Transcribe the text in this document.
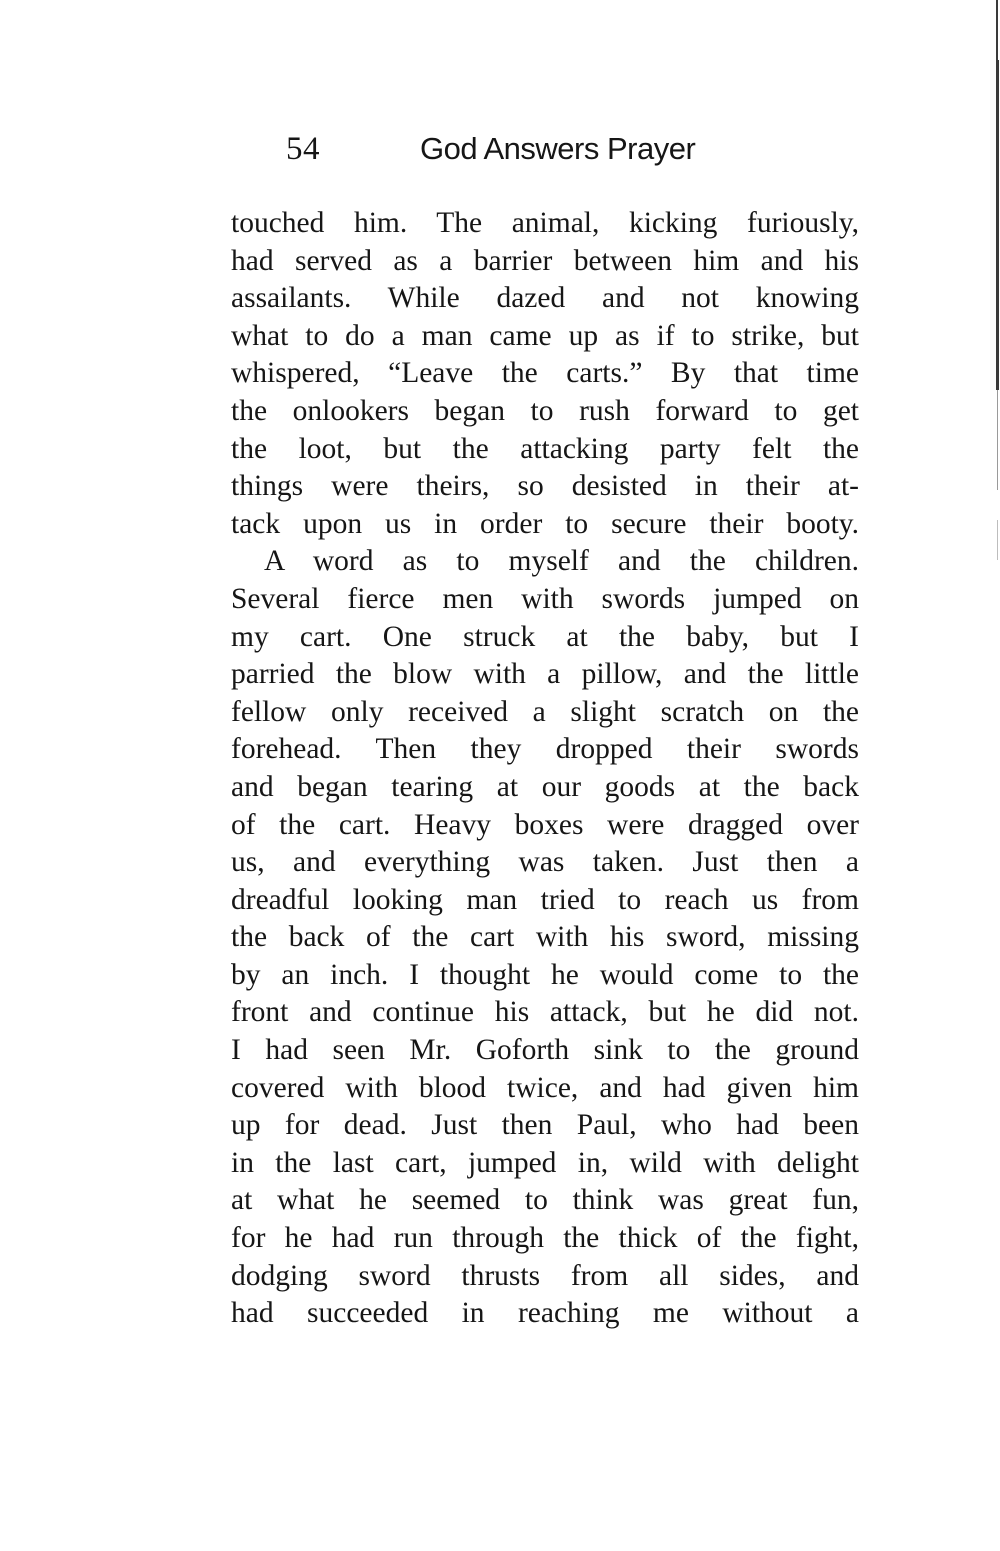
54	God Answers Prayer
touched him. The animal, kicking furiously,
had served as a barrier between him and his
assailants. While dazed and not knowing
what to do a man came up as if to strike, but
whispered, “Leave the carts.” By that time
the onlookers began to rush forward to get
the loot, but the attacking party felt the
things were theirs, so desisted in their at-
tack upon us in order to secure their booty.
A word as to myself and the children.
Several fierce men with swords jumped on
my cart. One struck at the baby, but I
parried the blow with a pillow, and the little
fellow only received a slight scratch on the
forehead. Then they dropped their swords
and began tearing at our goods at the back
of the cart. Heavy boxes were dragged over
us, and everything was taken. Just then a
dreadful looking man tried to reach us from
the back of the cart with his sword, missing
by an inch. I thought he would come to the
front and continue his attack, but he did not.
I had seen Mr. Goforth sink to the ground
covered with blood twice, and had given him
up for dead. Just then Paul, who had been
in the last cart, jumped in, wild with delight
at what he seemed to think was great fun,
for he had run through the thick of the fight,
dodging sword thrusts from all sides, and
had succeeded in reaching me without a
